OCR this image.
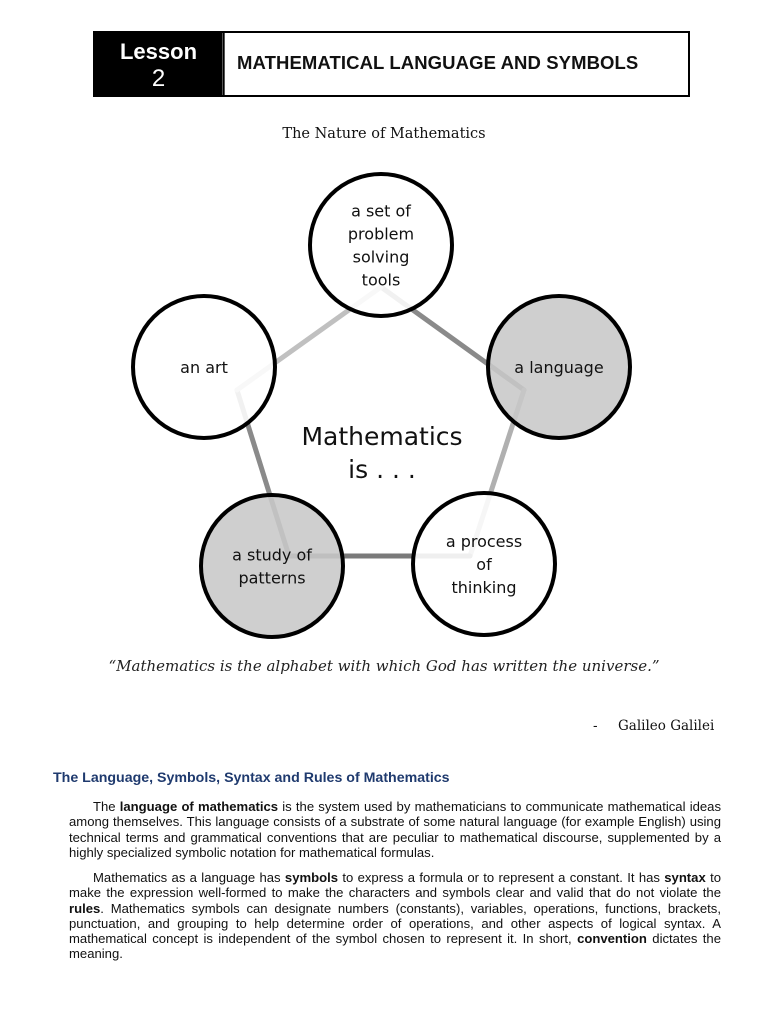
Lesson
2
MATHEMATICAL LANGUAGE AND SYMBOLS
The Nature of Mathematics
a set of
problem
solving
tools
a language
a process
of
thinking
a study of
patterns
an art
Mathematics
is . . .
“Mathematics is the alphabet with which God has written the universe.”
- Galileo Galilei
The Language, Symbols, Syntax and Rules of Mathematics
The language of mathematics is the system used by mathematicians to communicate mathematical ideas among themselves. This language consists of a substrate of some natural language (for example English) using technical terms and grammatical conventions that are peculiar to mathematical discourse, supplemented by a highly specialized symbolic notation for mathematical formulas.
Mathematics as a language has symbols to express a formula or to represent a constant. It has syntax to make the expression well-formed to make the characters and symbols clear and valid that do not violate the rules. Mathematics symbols can designate numbers (constants), variables, operations, functions, brackets, punctuation, and grouping to help determine order of operations, and other aspects of logical syntax. A mathematical concept is independent of the symbol chosen to represent it. In short, convention dictates the meaning.
